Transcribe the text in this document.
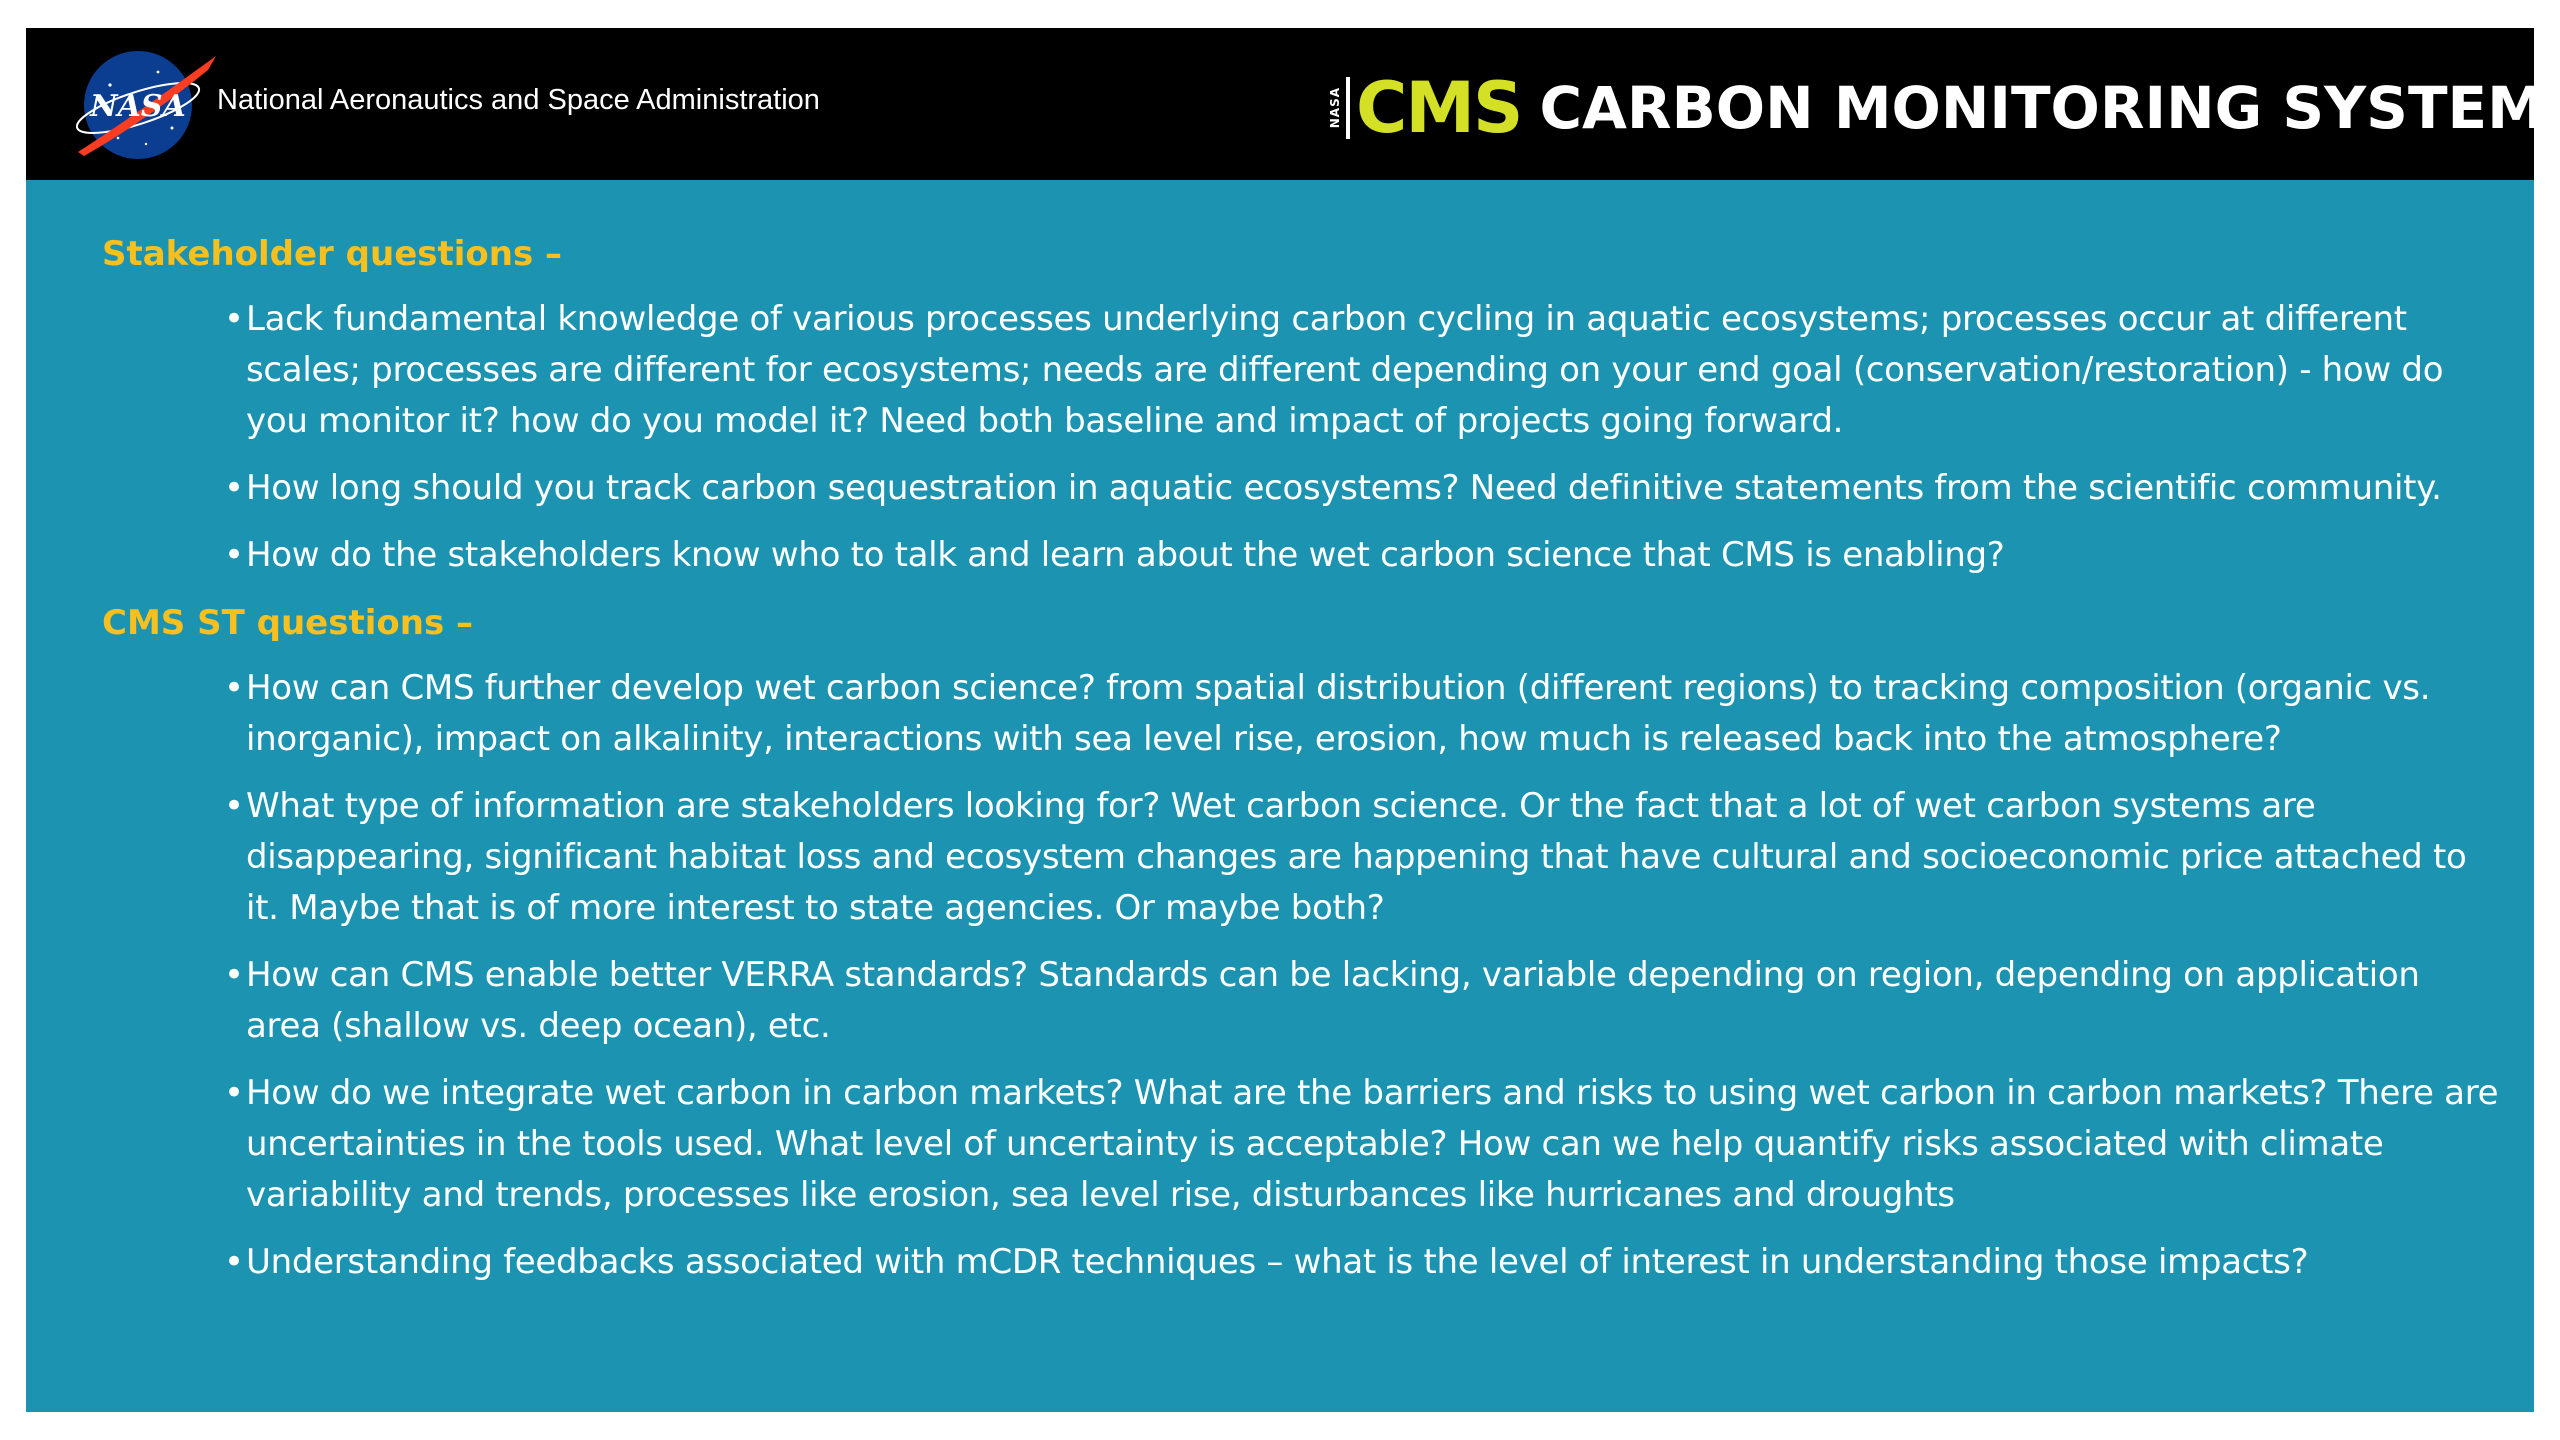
NASA National Aeronautics and Space Administration	NASA CMS CARBON MONITORING SYSTEM
Stakeholder questions –
• Lack fundamental knowledge of various processes underlying carbon cycling in aquatic ecosystems; processes occur at different scales; processes are different for ecosystems; needs are different depending on your end goal (conservation/restoration) - how do you monitor it? how do you model it? Need both baseline and impact of projects going forward.
• How long should you track carbon sequestration in aquatic ecosystems? Need definitive statements from the scientific community.
• How do the stakeholders know who to talk and learn about the wet carbon science that CMS is enabling?
CMS ST questions –
• How can CMS further develop wet carbon science? from spatial distribution (different regions) to tracking composition (organic vs. inorganic), impact on alkalinity, interactions with sea level rise, erosion, how much is released back into the atmosphere?
• What type of information are stakeholders looking for? Wet carbon science. Or the fact that a lot of wet carbon systems are disappearing, significant habitat loss and ecosystem changes are happening that have cultural and socioeconomic price attached to it. Maybe that is of more interest to state agencies. Or maybe both?
• How can CMS enable better VERRA standards? Standards can be lacking, variable depending on region, depending on application area (shallow vs. deep ocean), etc.
• How do we integrate wet carbon in carbon markets? What are the barriers and risks to using wet carbon in carbon markets? There are uncertainties in the tools used. What level of uncertainty is acceptable? How can we help quantify risks associated with climate variability and trends, processes like erosion, sea level rise, disturbances like hurricanes and droughts
• Understanding feedbacks associated with mCDR techniques – what is the level of interest in understanding those impacts?
